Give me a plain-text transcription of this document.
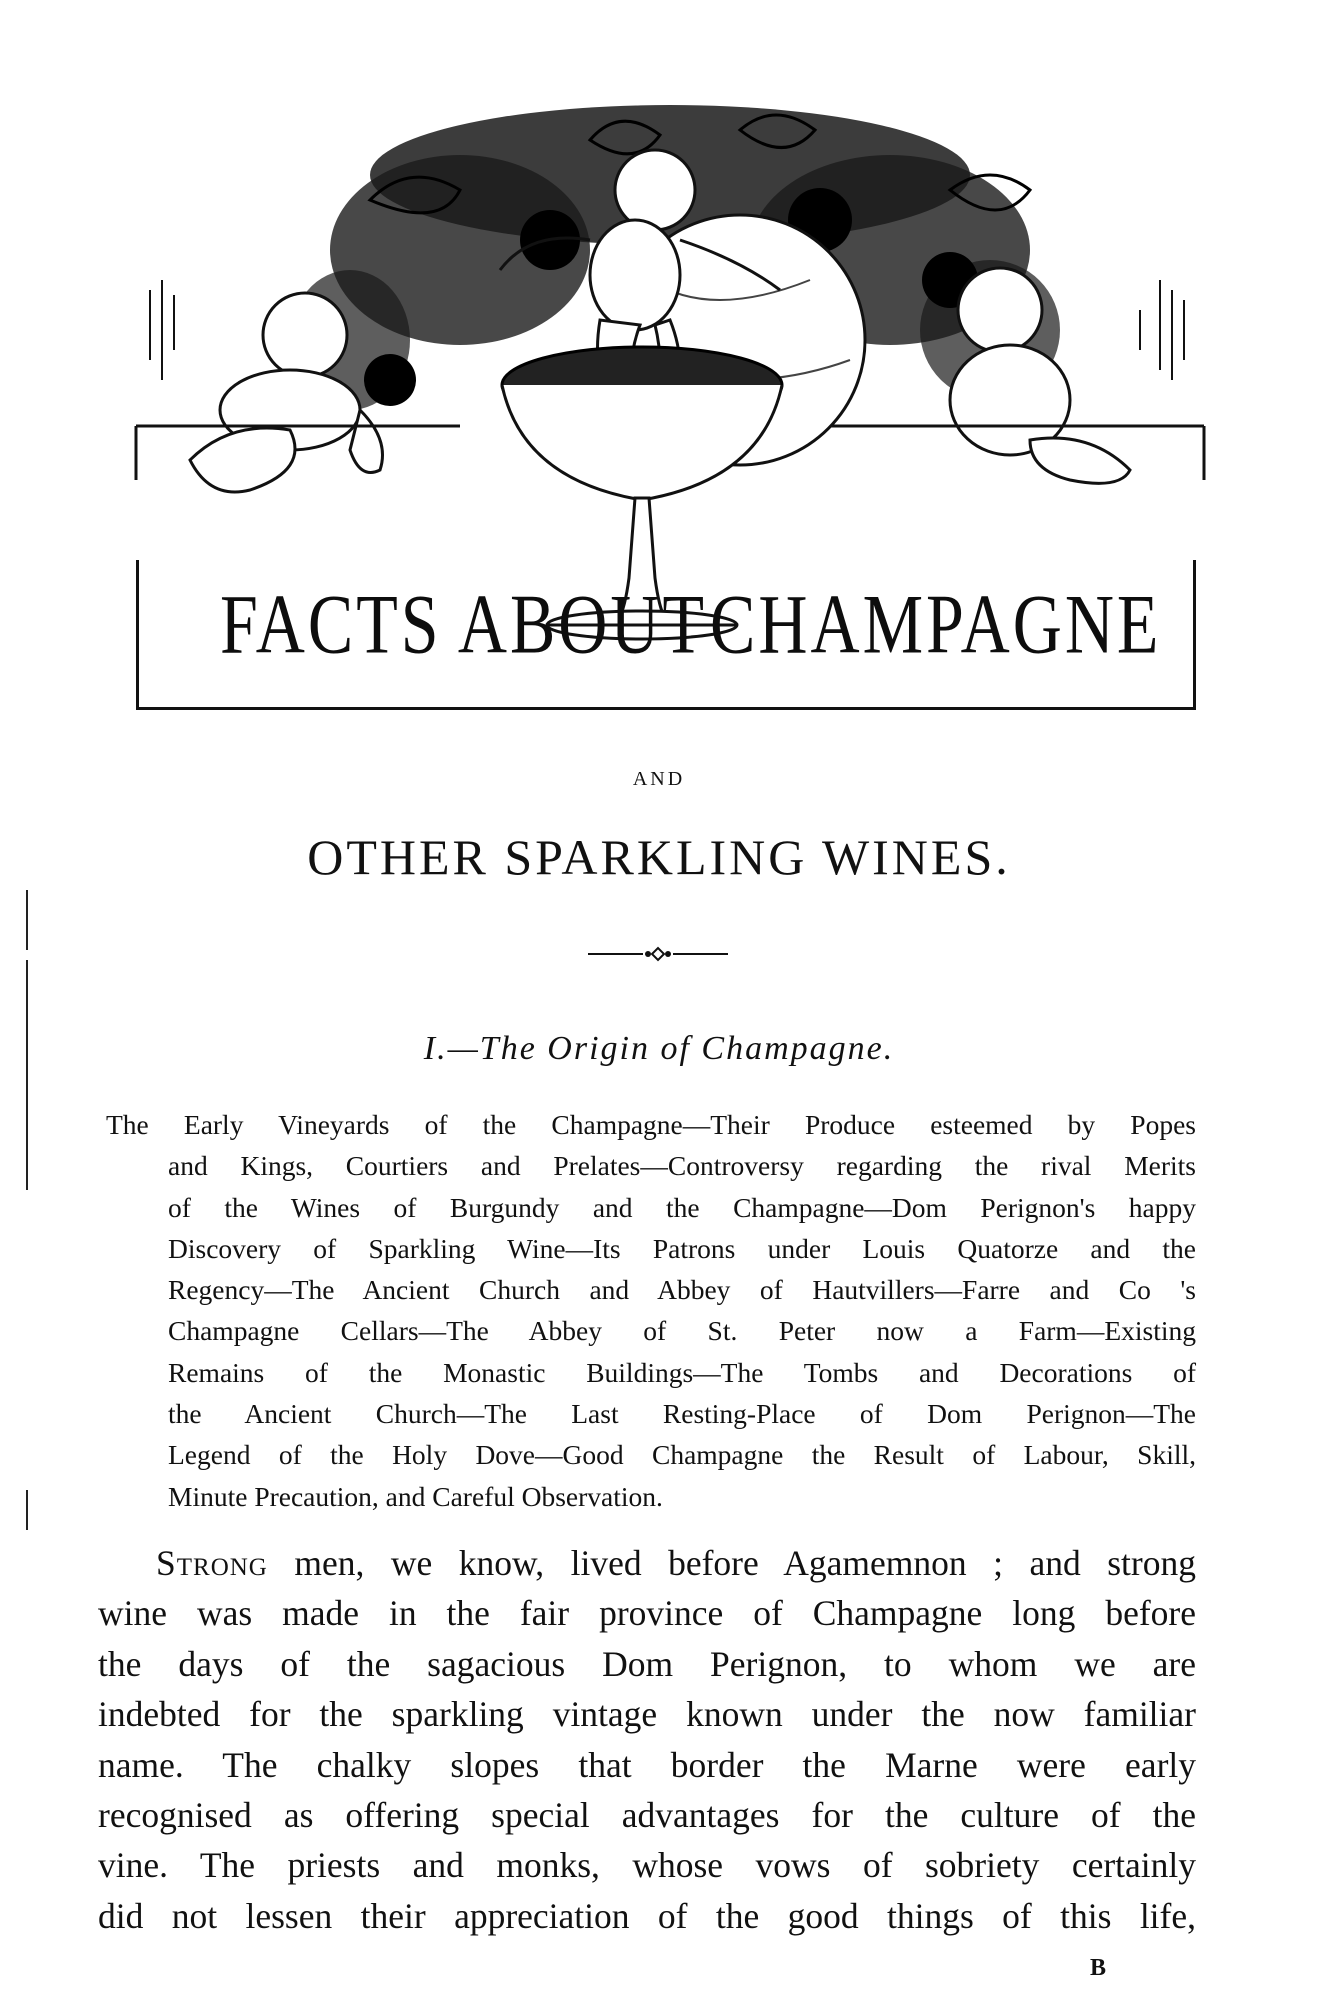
FACTS ABOUT CHAMPAGNE
AND
OTHER SPARKLING WINES.
I.—The Origin of Champagne.
The Early Vineyards of the Champagne—Their Produce esteemed by Popes
and Kings, Courtiers and Prelates—Controversy regarding the rival Merits
of the Wines of Burgundy and the Champagne—Dom Perignon's happy
Discovery of Sparkling Wine—Its Patrons under Louis Quatorze and the
Regency—The Ancient Church and Abbey of Hautvillers—Farre and Co 's
Champagne Cellars—The Abbey of St. Peter now a Farm—Existing
Remains of the Monastic Buildings—The Tombs and Decorations of
the Ancient Church—The Last Resting-Place of Dom Perignon—The
Legend of the Holy Dove—Good Champagne the Result of Labour, Skill,
Minute Precaution, and Careful Observation.
Strong men, we know, lived before Agamemnon ; and strong
wine was made in the fair province of Champagne long before
the days of the sagacious Dom Perignon, to whom we are
indebted for the sparkling vintage known under the now familiar
name. The chalky slopes that border the Marne were early
recognised as offering special advantages for the culture of the
vine. The priests and monks, whose vows of sobriety certainly
did not lessen their appreciation of the good things of this life,
B
